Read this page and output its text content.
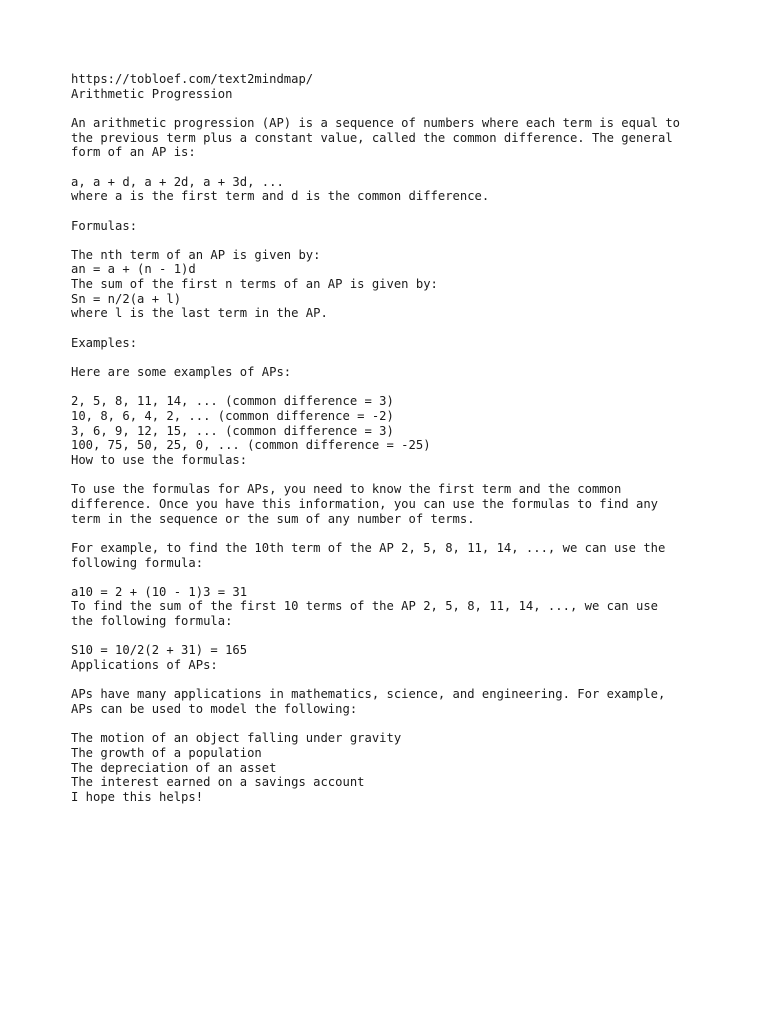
https://tobloef.com/text2mindmap/
Arithmetic Progression
An arithmetic progression (AP) is a sequence of numbers where each term is equal to
the previous term plus a constant value, called the common difference. The general
form of an AP is:
a, a + d, a + 2d, a + 3d, ...
where a is the first term and d is the common difference.
Formulas:
The nth term of an AP is given by:
an = a + (n - 1)d
The sum of the first n terms of an AP is given by:
Sn = n/2(a + l)
where l is the last term in the AP.
Examples:
Here are some examples of APs:
2, 5, 8, 11, 14, ... (common difference = 3)
10, 8, 6, 4, 2, ... (common difference = -2)
3, 6, 9, 12, 15, ... (common difference = 3)
100, 75, 50, 25, 0, ... (common difference = -25)
How to use the formulas:
To use the formulas for APs, you need to know the first term and the common
difference. Once you have this information, you can use the formulas to find any
term in the sequence or the sum of any number of terms.
For example, to find the 10th term of the AP 2, 5, 8, 11, 14, ..., we can use the
following formula:
a10 = 2 + (10 - 1)3 = 31
To find the sum of the first 10 terms of the AP 2, 5, 8, 11, 14, ..., we can use
the following formula:
S10 = 10/2(2 + 31) = 165
Applications of APs:
APs have many applications in mathematics, science, and engineering. For example,
APs can be used to model the following:
The motion of an object falling under gravity
The growth of a population
The depreciation of an asset
The interest earned on a savings account
I hope this helps!
